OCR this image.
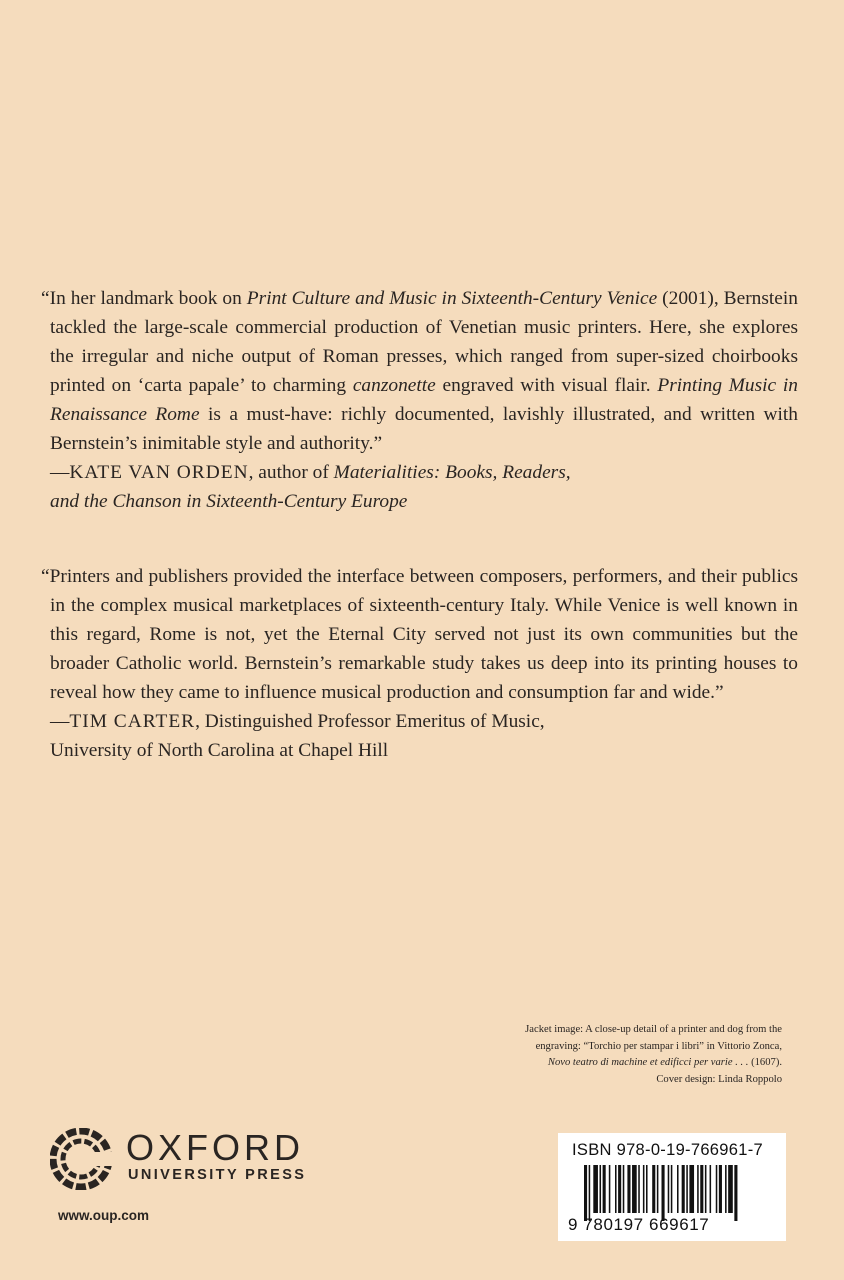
“In her landmark book on Print Culture and Music in Sixteenth-Century Venice (2001), Bernstein tackled the large-scale commercial production of Venetian music printers. Here, she explores the irregular and niche output of Roman presses, which ranged from super-sized choirbooks printed on ‘carta papale’ to charming canzonette engraved with visual flair. Printing Music in Renaissance Rome is a must-have: richly documented, lavishly illustrated, and written with Bernstein’s inimitable style and authority.”

—KATE VAN ORDEN, author of Materialities: Books, Readers,
and the Chanson in Sixteenth-Century Europe

“Printers and publishers provided the interface between composers, performers, and their publics in the complex musical marketplaces of sixteenth-century Italy. While Venice is well known in this regard, Rome is not, yet the Eternal City served not just its own communities but the broader Catholic world. Bernstein’s remarkable study takes us deep into its printing houses to reveal how they came to influence musical production and consumption far and wide.”

—TIM CARTER, Distinguished Professor Emeritus of Music,
University of North Carolina at Chapel Hill

Jacket image: A close-up detail of a printer and dog from the
engraving: “Torchio per stampar i libri” in Vittorio Zonca,
Novo teatro di machine et edificci per varie . . . (1607).
Cover design: Linda Roppolo
OXFORD
UNIVERSITY PRESS
www.oup.com
ISBN 978-0-19-766961-7
9 780197 669617
